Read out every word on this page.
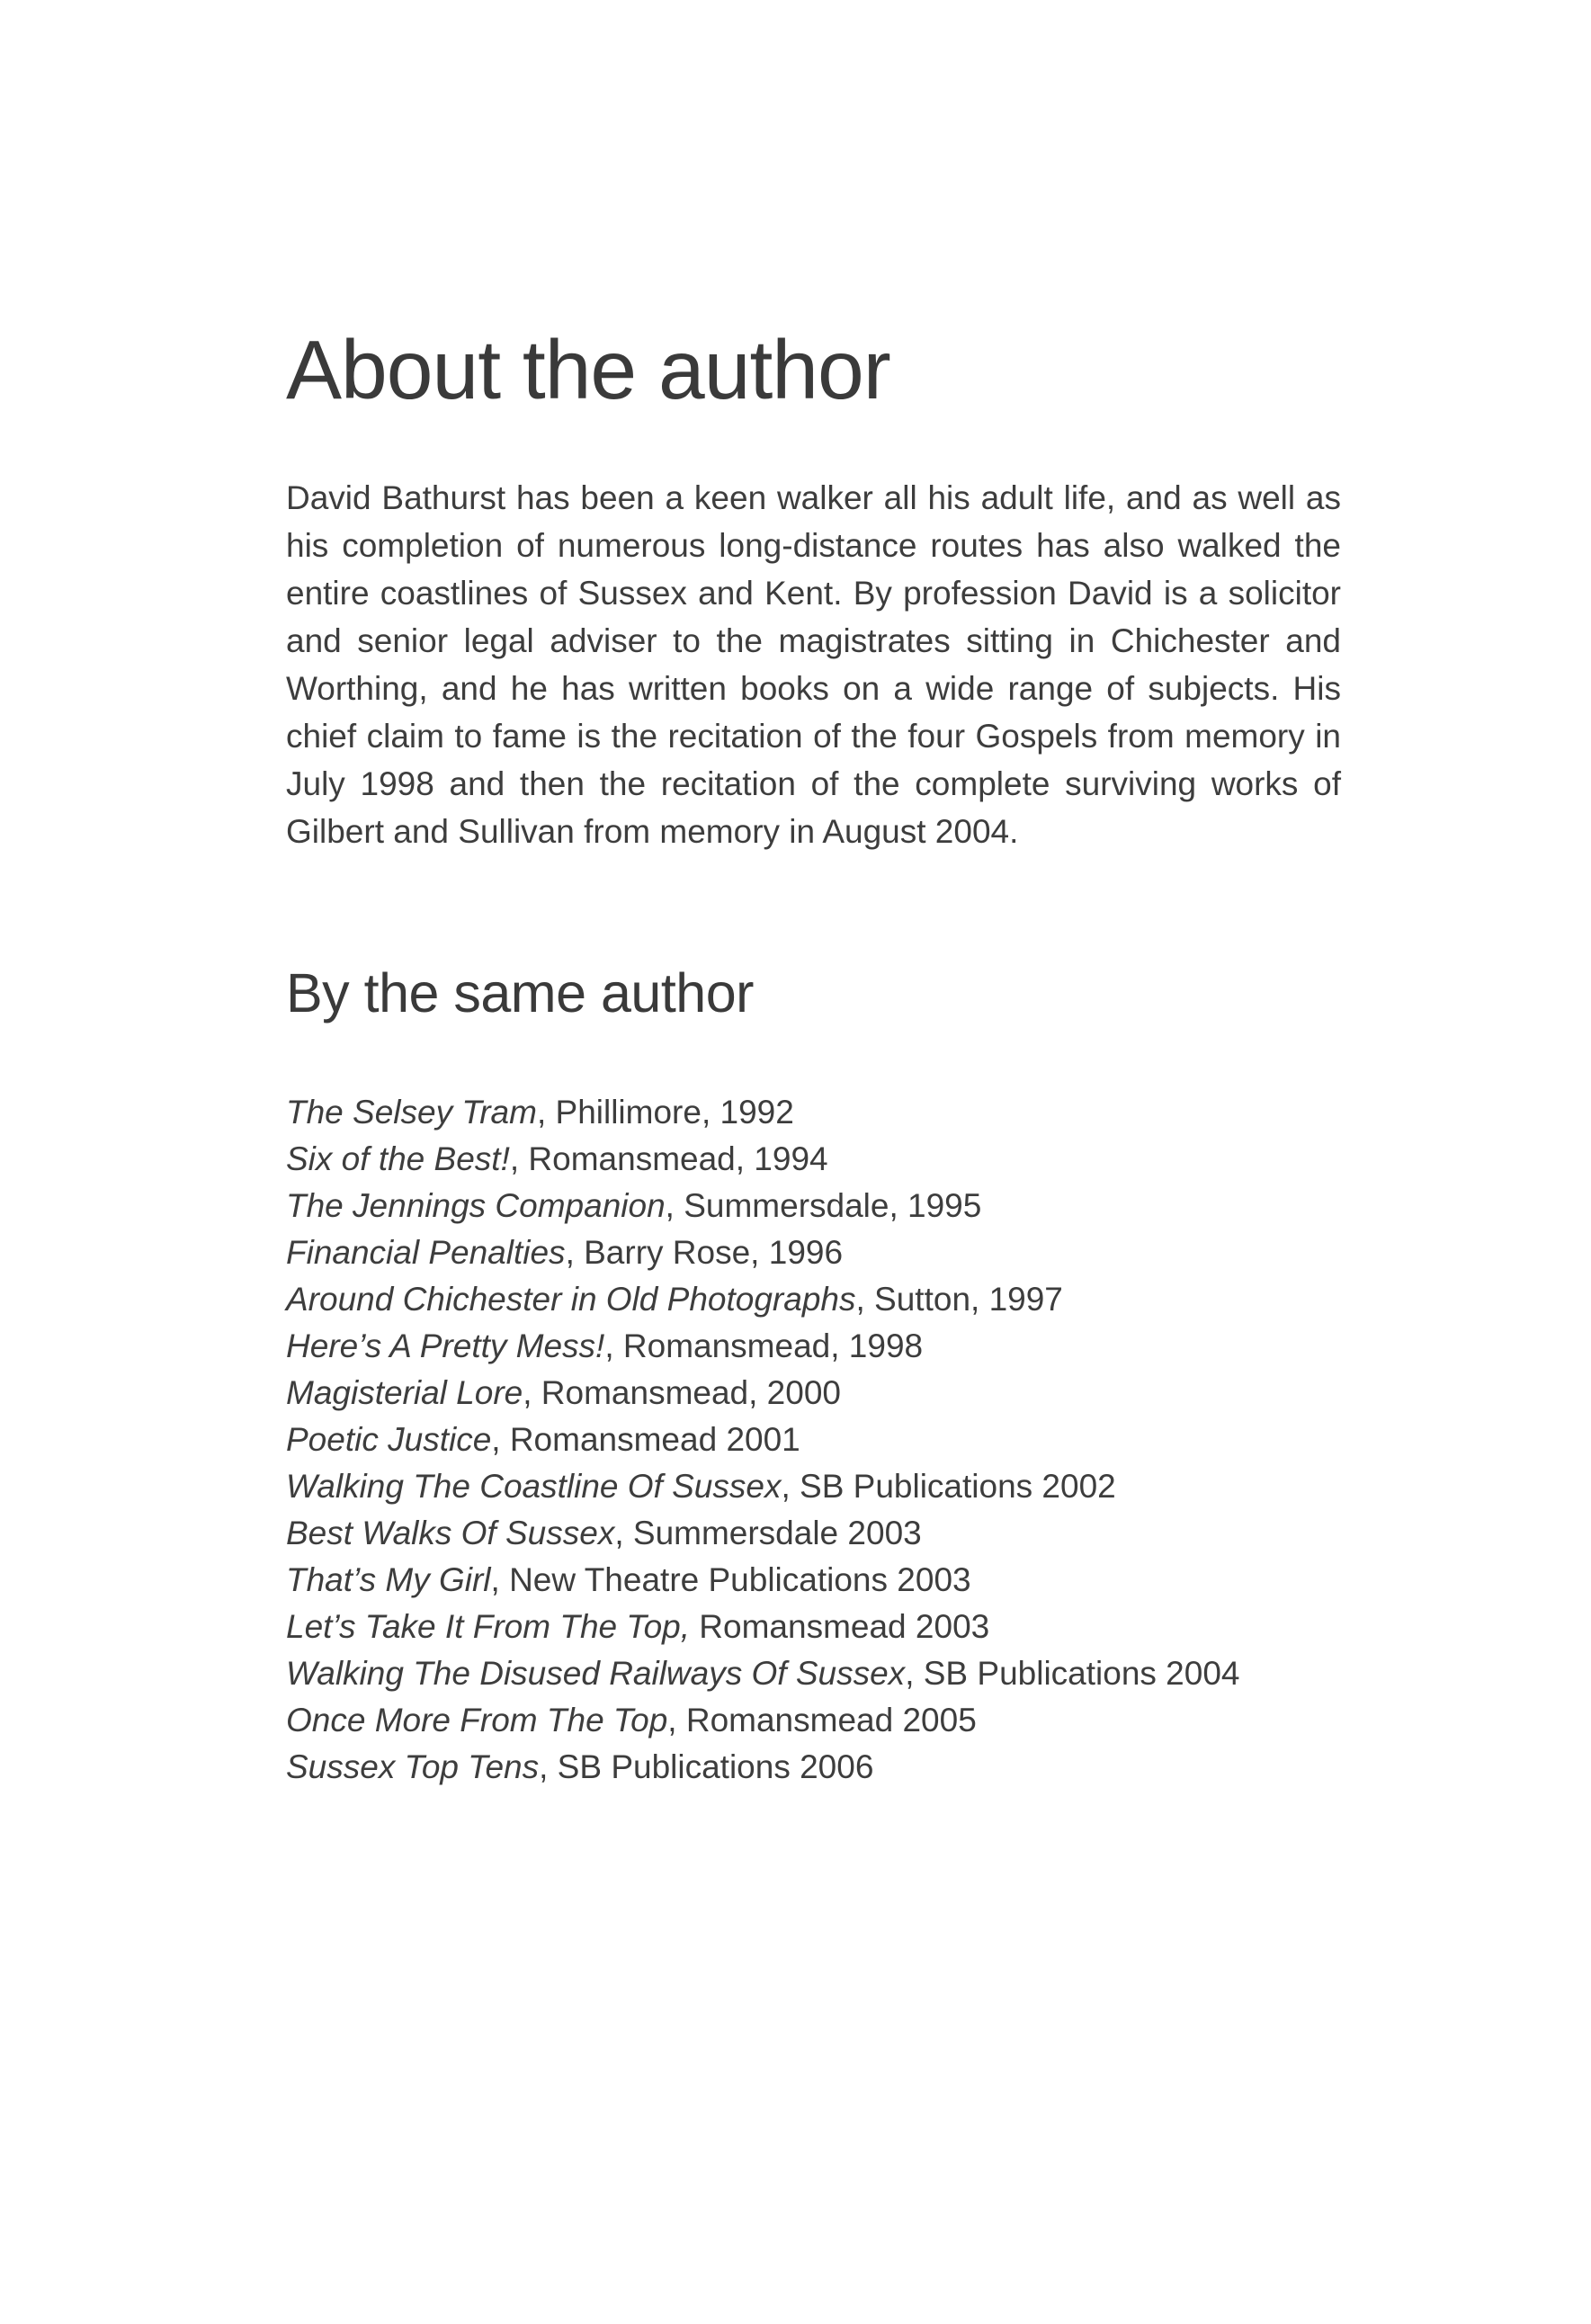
About the author

David Bathurst has been a keen walker all his adult life, and as well as his completion of numerous long-distance routes has also walked the entire coastlines of Sussex and Kent. By profession David is a solicitor and senior legal adviser to the magistrates sitting in Chichester and Worthing, and he has written books on a wide range of subjects. His chief claim to fame is the recitation of the four Gospels from memory in July 1998 and then the recitation of the complete surviving works of Gilbert and Sullivan from memory in August 2004.

By the same author
The Selsey Tram, Phillimore, 1992
Six of the Best!, Romansmead, 1994
The Jennings Companion, Summersdale, 1995
Financial Penalties, Barry Rose, 1996
Around Chichester in Old Photographs, Sutton, 1997
Here’s A Pretty Mess!, Romansmead, 1998
Magisterial Lore, Romansmead, 2000
Poetic Justice, Romansmead 2001
Walking The Coastline Of Sussex, SB Publications 2002
Best Walks Of Sussex, Summersdale 2003
That’s My Girl, New Theatre Publications 2003
Let’s Take It From The Top, Romansmead 2003
Walking The Disused Railways Of Sussex, SB Publications 2004
Once More From The Top, Romansmead 2005
Sussex Top Tens, SB Publications 2006
